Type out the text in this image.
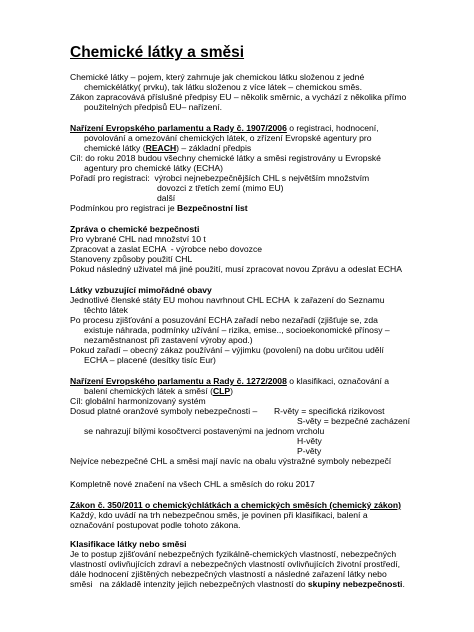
Chemické látky a směsi
Chemické látky – pojem, který zahrnuje jak chemickou látku složenou z jedné
chemickélátky( prvku), tak látku složenou z více látek – chemickou směs.
Zákon zapracovává příslušné předpisy EU – několik směrnic, a vychází z několika přímo
použitelných předpisů EU– nařízení.
Nařízení Evropského parlamentu a Rady č. 1907/2006 o registraci, hodnocení,
povolování a omezování chemických látek, o zřízení Evropské agentury pro
chemické látky (REACH) – základní předpis
Cíl: do roku 2018 budou všechny chemické látky a směsi registrovány u Evropské
agentury pro chemické látky (ECHA)
Pořadí pro registraci:  výrobci nejnebezpečnějších CHL s největším množstvím
dovozci z třetích zemí (mimo EU)
další
Podmínkou pro registraci je Bezpečnostní list
Zpráva o chemické bezpečnosti
Pro vybrané CHL nad množství 10 t
Zpracovat a zaslat ECHA  - výrobce nebo dovozce
Stanoveny způsoby použití CHL
Pokud následný uživatel má jiné použití, musí zpracovat novou Zprávu a odeslat ECHA
Látky vzbuzující mimořádné obavy
Jednotlivé členské státy EU mohou navrhnout CHL ECHA  k zařazení do Seznamu
těchto látek
Po procesu zjišťování a posuzování ECHA zařadí nebo nezařadí (zjišťuje se, zda
existuje náhrada, podmínky užívání – rizika, emise.., socioekonomické přínosy –
nezaměstnanost při zastavení výroby apod.)
Pokud zařadí – obecný zákaz používání – výjimku (povolení) na dobu určitou udělí
ECHA – placené (desítky tisíc Eur)
Nařízení Evropského parlamentu a Rady č. 1272/2008 o klasifikaci, označování a
balení chemických látek a směsí (CLP)
Cíl: globální harmonizovaný systém
Dosud platné oranžové symboly nebezpečnosti –       R-věty = specifická rizikovost
S-věty = bezpečné zacházení
se nahrazují bílými kosočtverci postavenými na jednom vrcholu
H-věty
P-věty
Nejvíce nebezpečné CHL a směsi mají navíc na obalu výstražné symboly nebezpečí
Kompletně nové značení na všech CHL a směsích do roku 2017
Zákon č. 350/2011 o chemickýchlátkách a chemických směsích (chemický zákon)
Každý, kdo uvádí na trh nebezpečnou směs, je povinen při klasifikaci, balení a
označování postupovat podle tohoto zákona.
Klasifikace látky nebo směsi
Je to postup zjišťování nebezpečných fyzikálně-chemických vlastností, nebezpečných
vlastností ovlivňujících zdraví a nebezpečných vlastností ovlivňujících životní prostředí,
dále hodnocení zjištěných nebezpečných vlastností a následné zařazení látky nebo
směsi   na základě intenzity jejich nebezpečných vlastností do skupiny nebezpečnosti.
